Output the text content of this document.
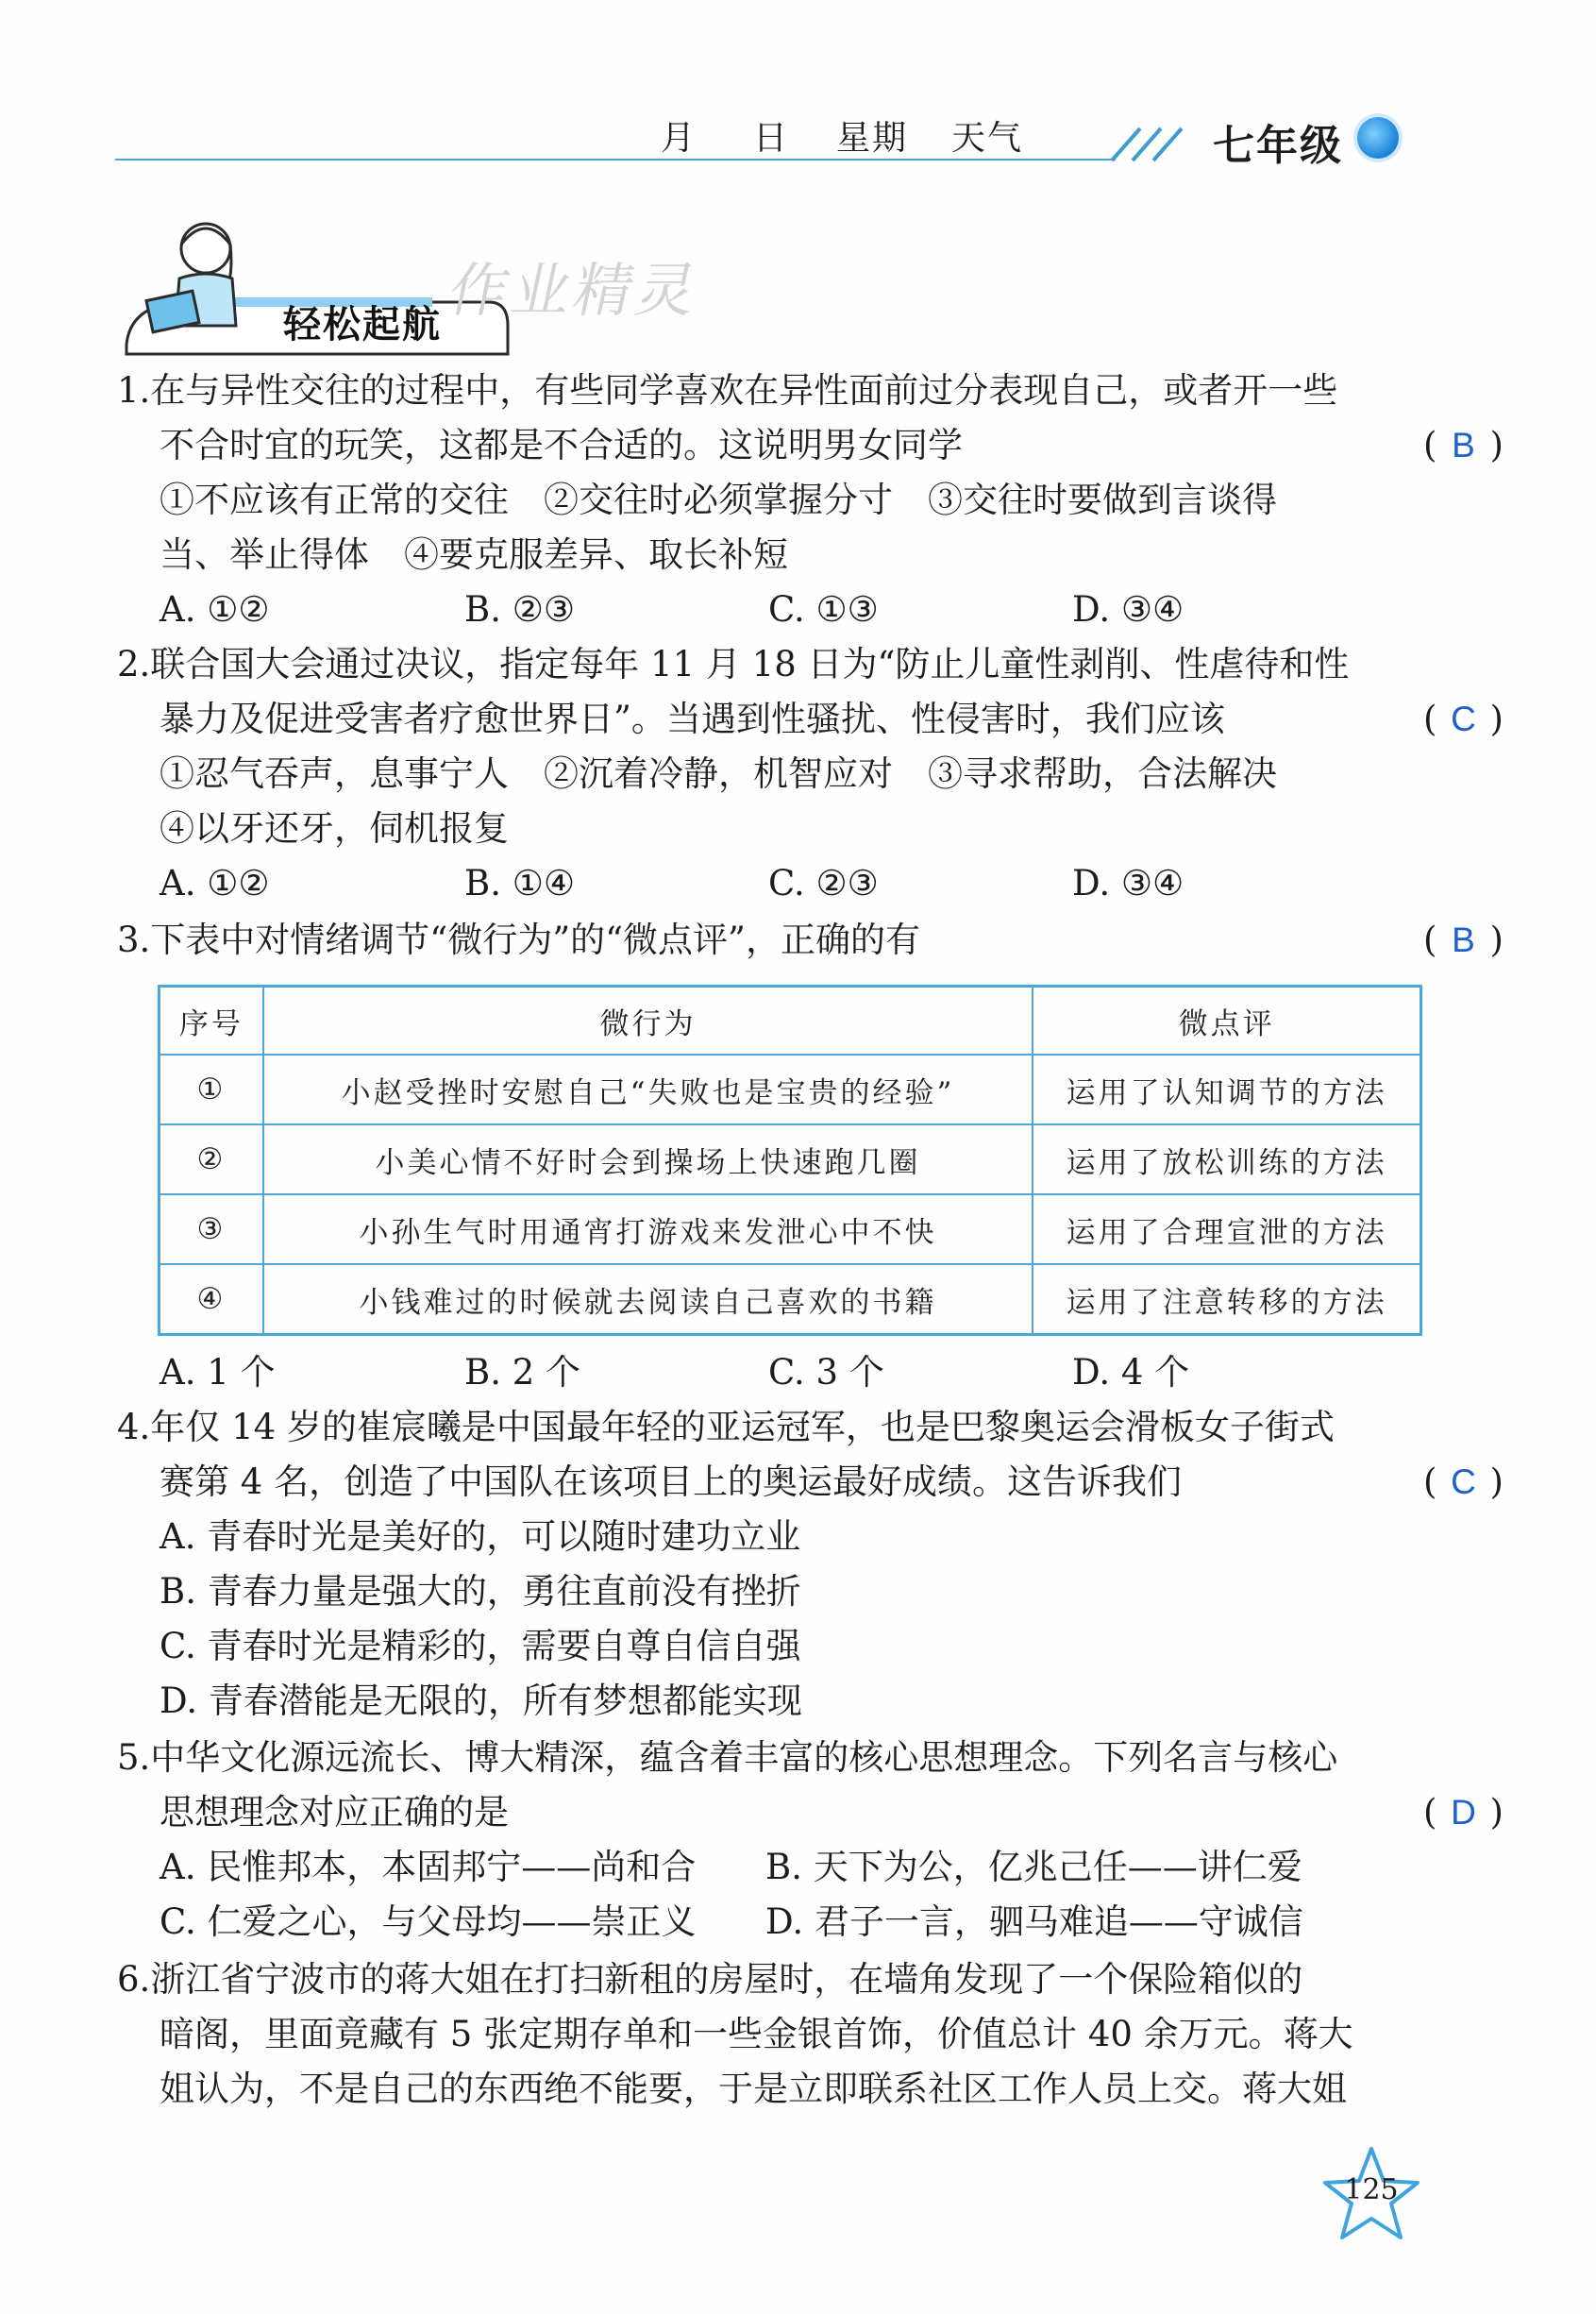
月 日 星期 天气	七年级
作业精灵
轻松起航
1.在与异性交往的过程中，有些同学喜欢在异性面前过分表现自己，或者开一些
不合时宜的玩笑，这都是不合适的。这说明男女同学	( B )
①不应该有正常的交往　②交往时必须掌握分寸　③交往时要做到言谈得
当、举止得体　④要克服差异、取长补短
A. ①②	B. ②③	C. ①③	D. ③④
2.联合国大会通过决议，指定每年 11 月 18 日为“防止儿童性剥削、性虐待和性
暴力及促进受害者疗愈世界日”。当遇到性骚扰、性侵害时，我们应该	( C )
①忍气吞声，息事宁人　②沉着冷静，机智应对　③寻求帮助，合法解决
④以牙还牙，伺机报复
A. ①②	B. ①④	C. ②③	D. ③④
3.下表中对情绪调节“微行为”的“微点评”，正确的有	( B )
序号	微行为	微点评
①	小赵受挫时安慰自己“失败也是宝贵的经验”	运用了认知调节的方法
②	小美心情不好时会到操场上快速跑几圈	运用了放松训练的方法
③	小孙生气时用通宵打游戏来发泄心中不快	运用了合理宣泄的方法
④	小钱难过的时候就去阅读自己喜欢的书籍	运用了注意转移的方法
A. 1 个	B. 2 个	C. 3 个	D. 4 个
4.年仅 14 岁的崔宸曦是中国最年轻的亚运冠军，也是巴黎奥运会滑板女子街式
赛第 4 名，创造了中国队在该项目上的奥运最好成绩。这告诉我们	( C )
A. 青春时光是美好的，可以随时建功立业
B. 青春力量是强大的，勇往直前没有挫折
C. 青春时光是精彩的，需要自尊自信自强
D. 青春潜能是无限的，所有梦想都能实现
5.中华文化源远流长、博大精深，蕴含着丰富的核心思想理念。下列名言与核心
思想理念对应正确的是	( D )
A. 民惟邦本，本固邦宁——尚和合 B. 天下为公，亿兆己任——讲仁爱
C. 仁爱之心，与父母均——崇正义 D. 君子一言，驷马难追——守诚信
6.浙江省宁波市的蒋大姐在打扫新租的房屋时，在墙角发现了一个保险箱似的
暗阁，里面竟藏有 5 张定期存单和一些金银首饰，价值总计 40 余万元。蒋大
姐认为，不是自己的东西绝不能要，于是立即联系社区工作人员上交。蒋大姐
125
